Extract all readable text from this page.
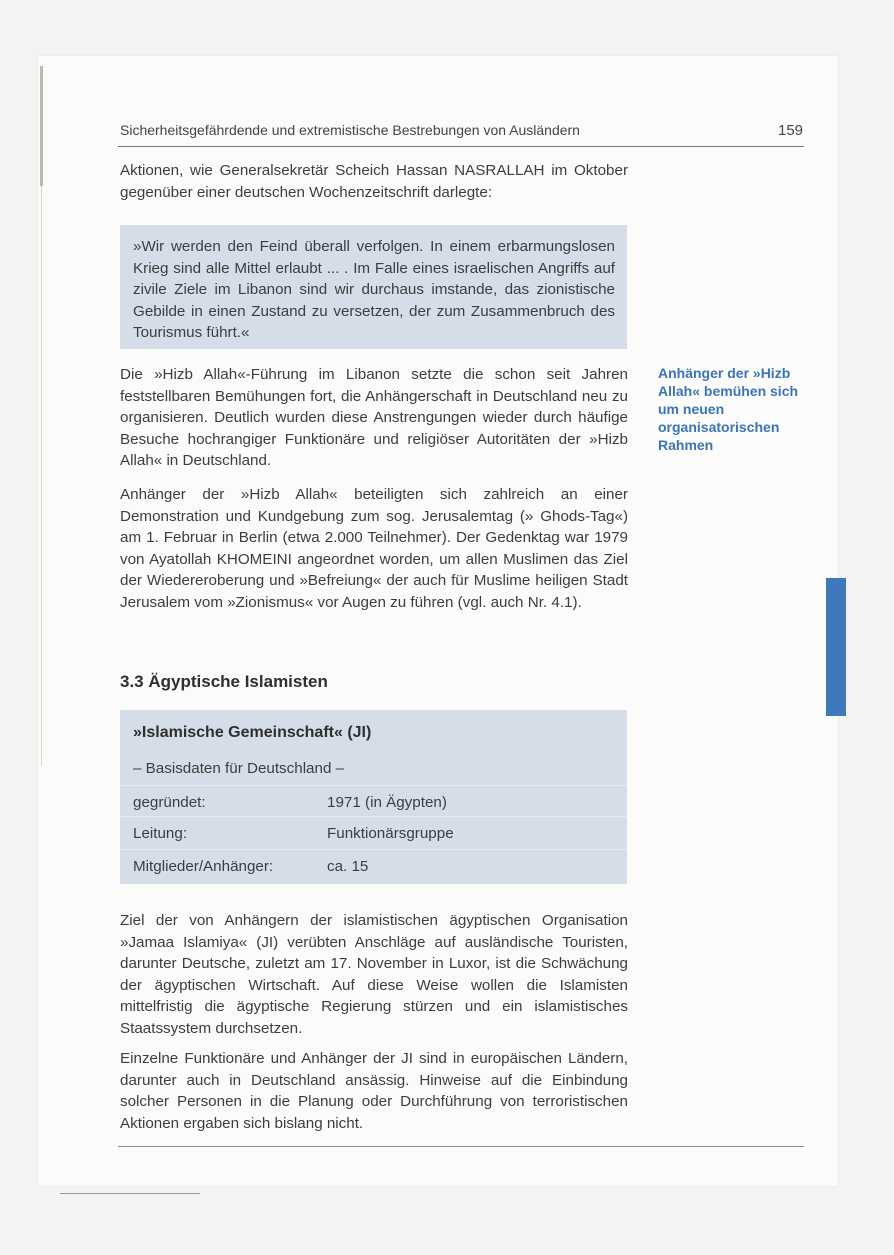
Sicherheitsgefährdende und extremistische Bestrebungen von Ausländern	159

Aktionen, wie Generalsekretär Scheich Hassan NASRALLAH im Oktober gegenüber einer deutschen Wochenzeitschrift darlegte:

»Wir werden den Feind überall verfolgen. In einem erbarmungslosen Krieg sind alle Mittel erlaubt ... . Im Falle eines israelischen Angriffs auf zivile Ziele im Libanon sind wir durchaus imstande, das zionistische Gebilde in einen Zustand zu versetzen, der zum Zusammenbruch des Tourismus führt.«

Die »Hizb Allah«-Führung im Libanon setzte die schon seit Jahren feststellbaren Bemühungen fort, die Anhängerschaft in Deutschland neu zu organisieren. Deutlich wurden diese Anstrengungen wieder durch häufige Besuche hochrangiger Funktionäre und religiöser Autoritäten der »Hizb Allah« in Deutschland.

Anhänger der »Hizb Allah« bemühen sich um neuen organisatorischen Rahmen

Anhänger der »Hizb Allah« beteiligten sich zahlreich an einer Demonstration und Kundgebung zum sog. Jerusalemtag (» Ghods-Tag«) am 1. Februar in Berlin (etwa 2.000 Teilnehmer). Der Gedenktag war 1979 von Ayatollah KHOMEINI angeordnet worden, um allen Muslimen das Ziel der Wiedereroberung und »Befreiung« der auch für Muslime heiligen Stadt Jerusalem vom »Zionismus« vor Augen zu führen (vgl. auch Nr. 4.1).

3.3 Ägyptische Islamisten
»Islamische Gemeinschaft« (JI)
– Basisdaten für Deutschland –
gegründet:	1971 (in Ägypten)
Leitung:	Funktionärsgruppe
Mitglieder/Anhänger:	ca. 15

Ziel der von Anhängern der islamistischen ägyptischen Organisation »Jamaa Islamiya« (JI) verübten Anschläge auf ausländische Touristen, darunter Deutsche, zuletzt am 17. November in Luxor, ist die Schwächung der ägyptischen Wirtschaft. Auf diese Weise wollen die Islamisten mittelfristig die ägyptische Regierung stürzen und ein islamistisches Staatssystem durchsetzen.

Einzelne Funktionäre und Anhänger der JI sind in europäischen Ländern, darunter auch in Deutschland ansässig. Hinweise auf die Einbindung solcher Personen in die Planung oder Durchführung von terroristischen Aktionen ergaben sich bislang nicht.
